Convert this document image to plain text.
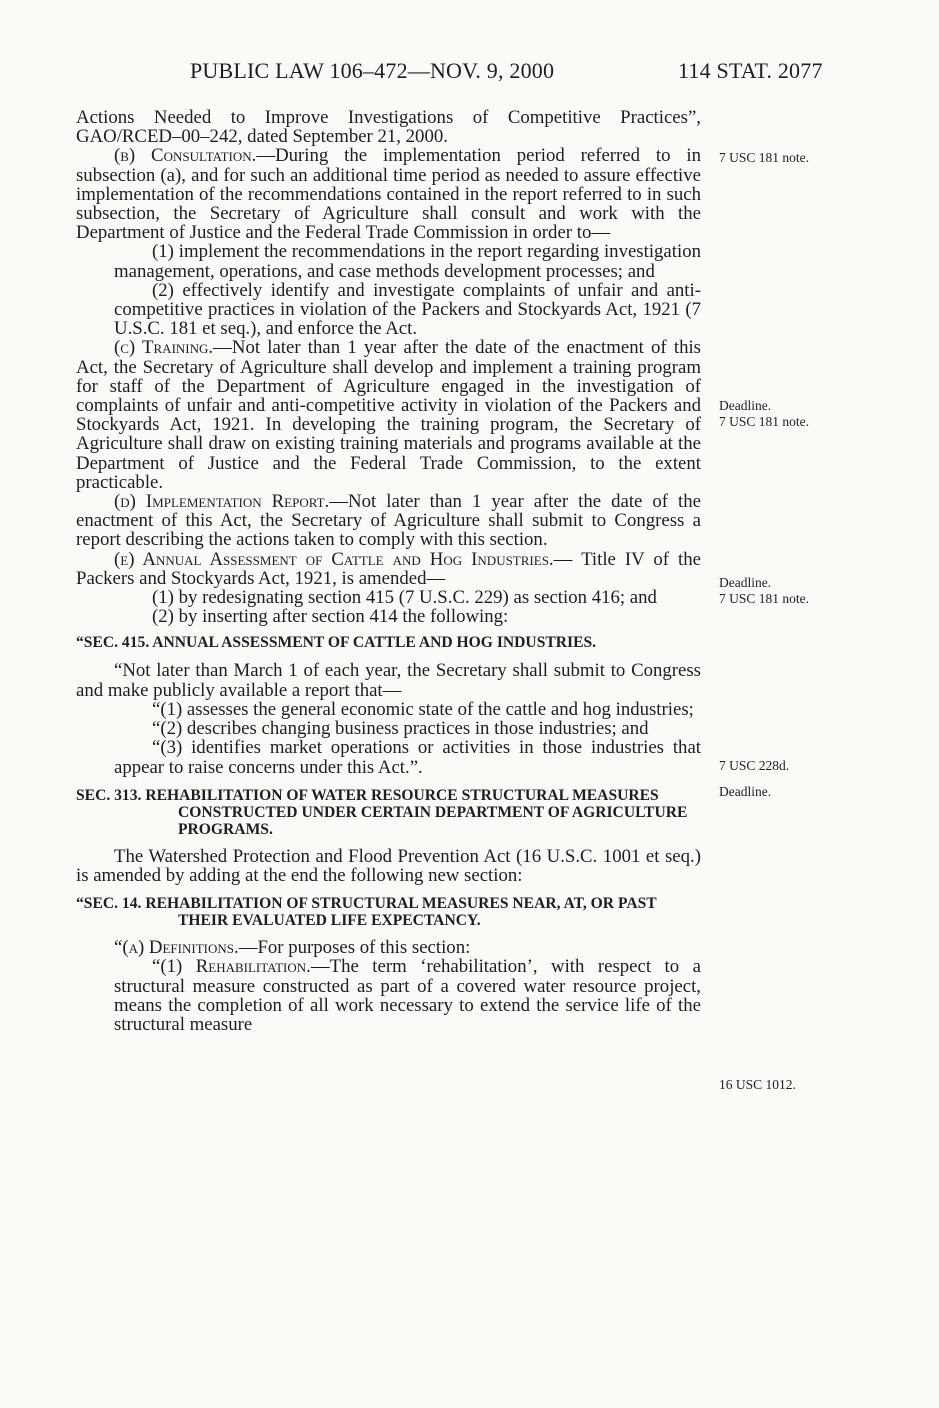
PUBLIC LAW 106–472—NOV. 9, 2000	114 STAT. 2077

Actions Needed to Improve Investigations of Competitive Practices”, GAO/RCED–00–242, dated September 21, 2000.

(b) Consultation.—During the implementation period referred to in subsection (a), and for such an additional time period as needed to assure effective implementation of the recommendations contained in the report referred to in such subsection, the Secretary of Agriculture shall consult and work with the Department of Justice and the Federal Trade Commission in order to—

(1) implement the recommendations in the report regarding investigation management, operations, and case methods development processes; and

(2) effectively identify and investigate complaints of unfair and anti-competitive practices in violation of the Packers and Stockyards Act, 1921 (7 U.S.C. 181 et seq.), and enforce the Act.

(c) Training.—Not later than 1 year after the date of the enactment of this Act, the Secretary of Agriculture shall develop and implement a training program for staff of the Department of Agriculture engaged in the investigation of complaints of unfair and anti-competitive activity in violation of the Packers and Stockyards Act, 1921. In developing the training program, the Secretary of Agriculture shall draw on existing training materials and programs available at the Department of Justice and the Federal Trade Commission, to the extent practicable.

(d) Implementation Report.—Not later than 1 year after the date of the enactment of this Act, the Secretary of Agriculture shall submit to Congress a report describing the actions taken to comply with this section.

(e) Annual Assessment of Cattle and Hog Industries.— Title IV of the Packers and Stockyards Act, 1921, is amended—

(1) by redesignating section 415 (7 U.S.C. 229) as section 416; and

(2) by inserting after section 414 the following:

“SEC. 415. ANNUAL ASSESSMENT OF CATTLE AND HOG INDUSTRIES.

“Not later than March 1 of each year, the Secretary shall submit to Congress and make publicly available a report that—

“(1) assesses the general economic state of the cattle and hog industries;

“(2) describes changing business practices in those industries; and

“(3) identifies market operations or activities in those industries that appear to raise concerns under this Act.”.

SEC. 313. REHABILITATION OF WATER RESOURCE STRUCTURAL MEASURES CONSTRUCTED UNDER CERTAIN DEPARTMENT OF AGRICULTURE PROGRAMS.

The Watershed Protection and Flood Prevention Act (16 U.S.C. 1001 et seq.) is amended by adding at the end the following new section:

“SEC. 14. REHABILITATION OF STRUCTURAL MEASURES NEAR, AT, OR PAST THEIR EVALUATED LIFE EXPECTANCY.

“(a) Definitions.—For purposes of this section:

“(1) Rehabilitation.—The term ‘rehabilitation’, with respect to a structural measure constructed as part of a covered water resource project, means the completion of all work necessary to extend the service life of the structural measure

7 USC 181 note.
Deadline.
7 USC 181 note.
Deadline.
7 USC 181 note.
7 USC 228d.
Deadline.
16 USC 1012.
